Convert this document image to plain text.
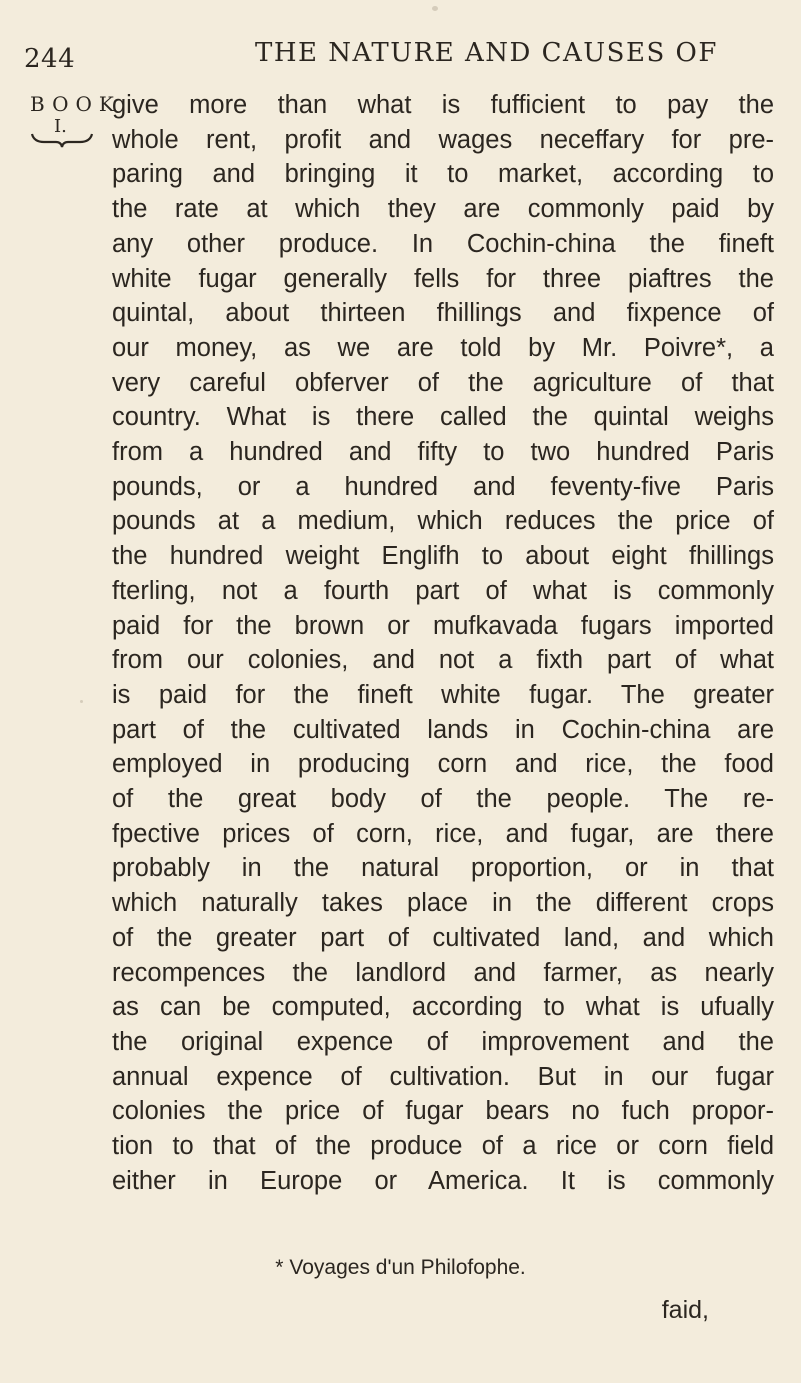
244	THE NATURE AND CAUSES OF
BOOK
I.
give more than what is fufficient to pay the
whole rent, profit and wages neceffary for pre-
paring and bringing it to market, according to
the rate at which they are commonly paid by
any other produce. In Cochin-china the fineft
white fugar generally fells for three piaftres the
quintal, about thirteen fhillings and fixpence of
our money, as we are told by Mr. Poivre*, a
very careful obferver of the agriculture of that
country. What is there called the quintal weighs
from a hundred and fifty to two hundred Paris
pounds, or a hundred and feventy-five Paris
pounds at a medium, which reduces the price of
the hundred weight Englifh to about eight fhillings
fterling, not a fourth part of what is commonly
paid for the brown or mufkavada fugars imported
from our colonies, and not a fixth part of what
is paid for the fineft white fugar. The greater
part of the cultivated lands in Cochin-china are
employed in producing corn and rice, the food
of the great body of the people. The re-
fpective prices of corn, rice, and fugar, are there
probably in the natural proportion, or in that
which naturally takes place in the different crops
of the greater part of cultivated land, and which
recompences the landlord and farmer, as nearly
as can be computed, according to what is ufually
the original expence of improvement and the
annual expence of cultivation. But in our fugar
colonies the price of fugar bears no fuch propor-
tion to that of the produce of a rice or corn field
either in Europe or America. It is commonly
* Voyages d'un Philofophe.
faid,
